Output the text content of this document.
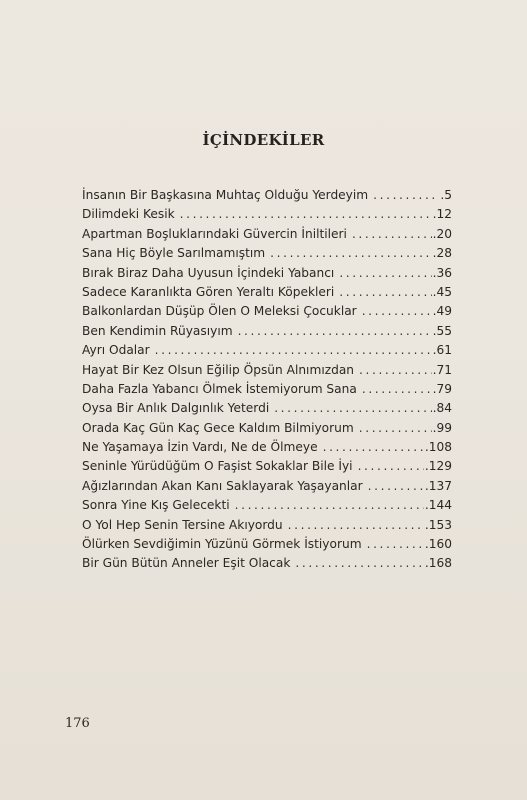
İÇİNDEKİLER
İnsanın Bir Başkasına Muhtaç Olduğu Yerdeyim .....	.5
Dilimdeki Kesik .....	.12
Apartman Boşluklarındaki Güvercin İniltileri .....	.20
Sana Hiç Böyle Sarılmamıştım .....	.28
Bırak Biraz Daha Uyusun İçindeki Yabancı .....	.36
Sadece Karanlıkta Gören Yeraltı Köpekleri .....	.45
Balkonlardan Düşüp Ölen O Meleksi Çocuklar .....	.49
Ben Kendimin Rüyasıyım .....	.55
Ayrı Odalar .....	.61
Hayat Bir Kez Olsun Eğilip Öpsün Alnımızdan .....	.71
Daha Fazla Yabancı Ölmek İstemiyorum Sana .....	.79
Oysa Bir Anlık Dalgınlık Yeterdi .....	.84
Orada Kaç Gün Kaç Gece Kaldım Bilmiyorum .....	.99
Ne Yaşamaya İzin Vardı, Ne de Ölmeye .....	.108
Seninle Yürüdüğüm O Faşist Sokaklar Bile İyi .....	.129
Ağızlarından Akan Kanı Saklayarak Yaşayanlar .....	.137
Sonra Yine Kış Gelecekti .....	.144
O Yol Hep Senin Tersine Akıyordu .....	.153
Ölürken Sevdiğimin Yüzünü Görmek İstiyorum .....	.160
Bir Gün Bütün Anneler Eşit Olacak .....	.168
176
